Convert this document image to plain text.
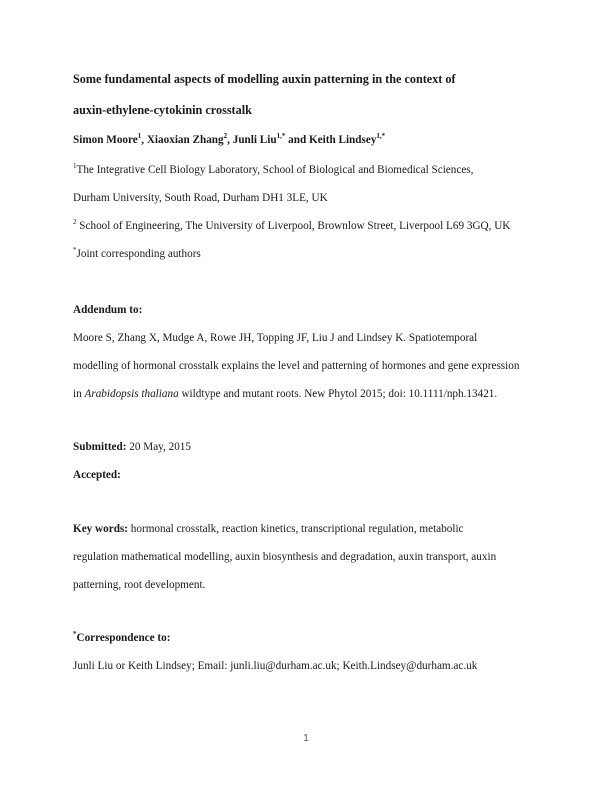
Some fundamental aspects of modelling auxin patterning in the context of
auxin-ethylene-cytokinin crosstalk
Simon Moore$^1$, Xiaoxian Zhang$^2$, Junli Liu$^{1,*}$ and Keith Lindsey$^{1,*}$
$^1$The Integrative Cell Biology Laboratory, School of Biological and Biomedical Sciences,
Durham University, South Road, Durham DH1 3LE, UK
$^2$ School of Engineering, The University of Liverpool, Brownlow Street, Liverpool L69 3GQ, UK
*Joint corresponding authors
Addendum to:
Moore S, Zhang X, Mudge A, Rowe JH, Topping JF, Liu J and Lindsey K. Spatiotemporal
modelling of hormonal crosstalk explains the level and patterning of hormones and gene expression
in Arabidopsis thaliana wildtype and mutant roots. New Phytol 2015; doi: 10.1111/nph.13421.
Submitted: 20 May, 2015
Accepted:
Key words: hormonal crosstalk, reaction kinetics, transcriptional regulation, metabolic
regulation mathematical modelling, auxin biosynthesis and degradation, auxin transport, auxin
patterning, root development.
*Correspondence to:
Junli Liu or Keith Lindsey; Email: junli.liu@durham.ac.uk; Keith.Lindsey@durham.ac.uk
1
